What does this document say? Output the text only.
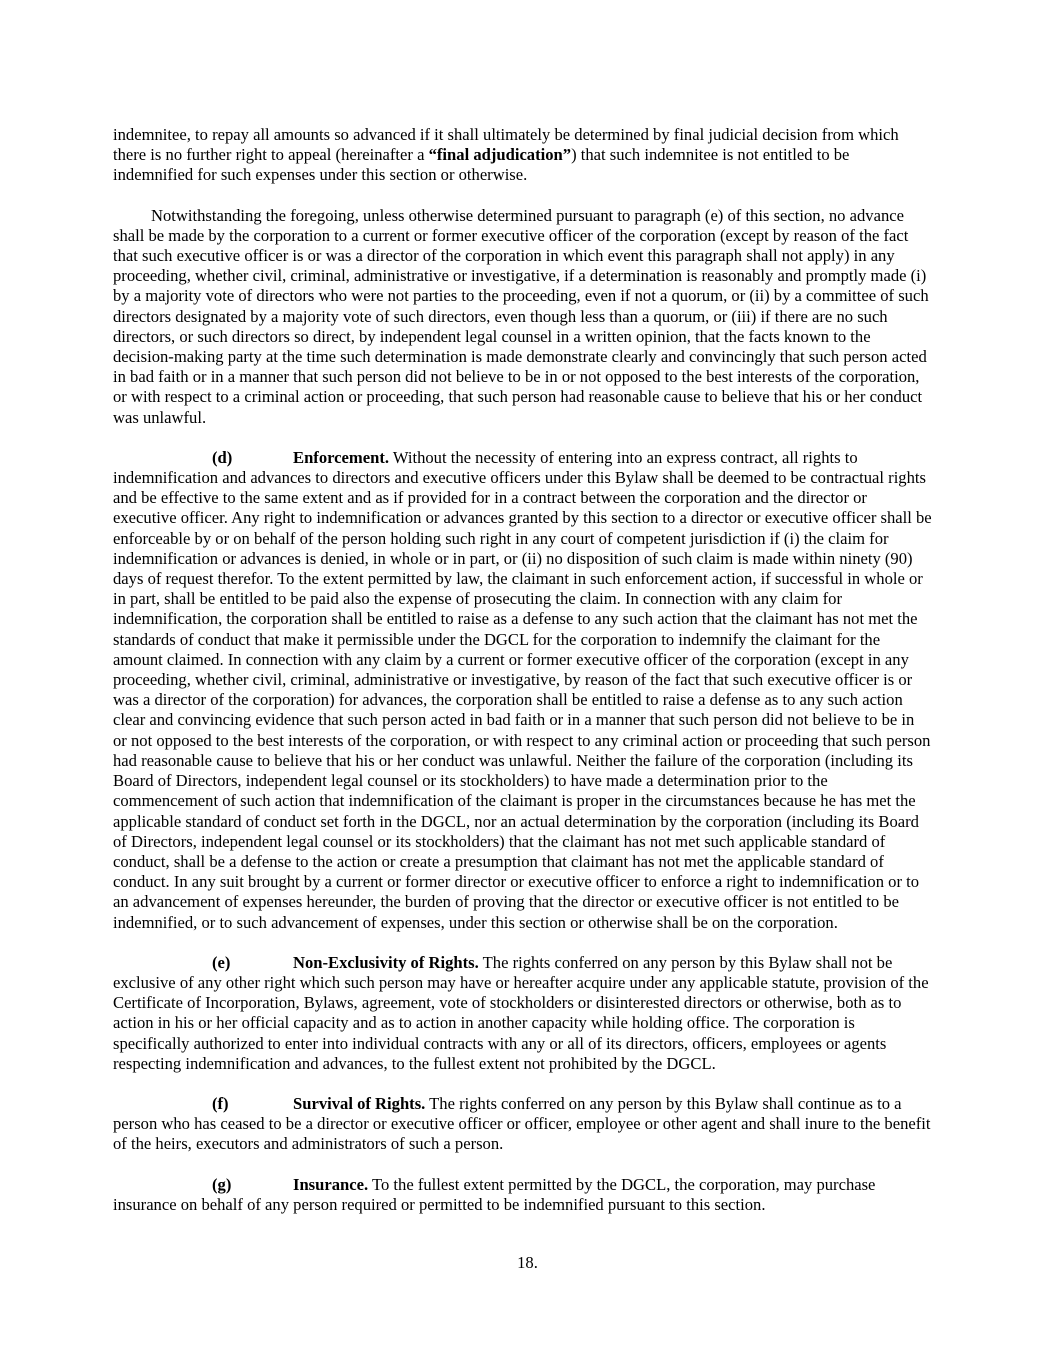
indemnitee, to repay all amounts so advanced if it shall ultimately be determined by final judicial decision from which there is no further right to appeal (hereinafter a “final adjudication”) that such indemnitee is not entitled to be indemnified for such expenses under this section or otherwise.

Notwithstanding the foregoing, unless otherwise determined pursuant to paragraph (e) of this section, no advance shall be made by the corporation to a current or former executive officer of the corporation (except by reason of the fact that such executive officer is or was a director of the corporation in which event this paragraph shall not apply) in any proceeding, whether civil, criminal, administrative or investigative, if a determination is reasonably and promptly made (i) by a majority vote of directors who were not parties to the proceeding, even if not a quorum, or (ii) by a committee of such directors designated by a majority vote of such directors, even though less than a quorum, or (iii) if there are no such directors, or such directors so direct, by independent legal counsel in a written opinion, that the facts known to the decision-making party at the time such determination is made demonstrate clearly and convincingly that such person acted in bad faith or in a manner that such person did not believe to be in or not opposed to the best interests of the corporation, or with respect to a criminal action or proceeding, that such person had reasonable cause to believe that his or her conduct was unlawful.

(d)	Enforcement. Without the necessity of entering into an express contract, all rights to indemnification and advances to directors and executive officers under this Bylaw shall be deemed to be contractual rights and be effective to the same extent and as if provided for in a contract between the corporation and the director or executive officer. Any right to indemnification or advances granted by this section to a director or executive officer shall be enforceable by or on behalf of the person holding such right in any court of competent jurisdiction if (i) the claim for indemnification or advances is denied, in whole or in part, or (ii) no disposition of such claim is made within ninety (90) days of request therefor. To the extent permitted by law, the claimant in such enforcement action, if successful in whole or in part, shall be entitled to be paid also the expense of prosecuting the claim. In connection with any claim for indemnification, the corporation shall be entitled to raise as a defense to any such action that the claimant has not met the standards of conduct that make it permissible under the DGCL for the corporation to indemnify the claimant for the amount claimed. In connection with any claim by a current or former executive officer of the corporation (except in any proceeding, whether civil, criminal, administrative or investigative, by reason of the fact that such executive officer is or was a director of the corporation) for advances, the corporation shall be entitled to raise a defense as to any such action clear and convincing evidence that such person acted in bad faith or in a manner that such person did not believe to be in or not opposed to the best interests of the corporation, or with respect to any criminal action or proceeding that such person had reasonable cause to believe that his or her conduct was unlawful. Neither the failure of the corporation (including its Board of Directors, independent legal counsel or its stockholders) to have made a determination prior to the commencement of such action that indemnification of the claimant is proper in the circumstances because he has met the applicable standard of conduct set forth in the DGCL, nor an actual determination by the corporation (including its Board of Directors, independent legal counsel or its stockholders) that the claimant has not met such applicable standard of conduct, shall be a defense to the action or create a presumption that claimant has not met the applicable standard of conduct. In any suit brought by a current or former director or executive officer to enforce a right to indemnification or to an advancement of expenses hereunder, the burden of proving that the director or executive officer is not entitled to be indemnified, or to such advancement of expenses, under this section or otherwise shall be on the corporation.

(e)	Non-Exclusivity of Rights. The rights conferred on any person by this Bylaw shall not be exclusive of any other right which such person may have or hereafter acquire under any applicable statute, provision of the Certificate of Incorporation, Bylaws, agreement, vote of stockholders or disinterested directors or otherwise, both as to action in his or her official capacity and as to action in another capacity while holding office. The corporation is specifically authorized to enter into individual contracts with any or all of its directors, officers, employees or agents respecting indemnification and advances, to the fullest extent not prohibited by the DGCL.

(f)	Survival of Rights. The rights conferred on any person by this Bylaw shall continue as to a person who has ceased to be a director or executive officer or officer, employee or other agent and shall inure to the benefit of the heirs, executors and administrators of such a person.

(g)	Insurance. To the fullest extent permitted by the DGCL, the corporation, may purchase insurance on behalf of any person required or permitted to be indemnified pursuant to this section.

18.
